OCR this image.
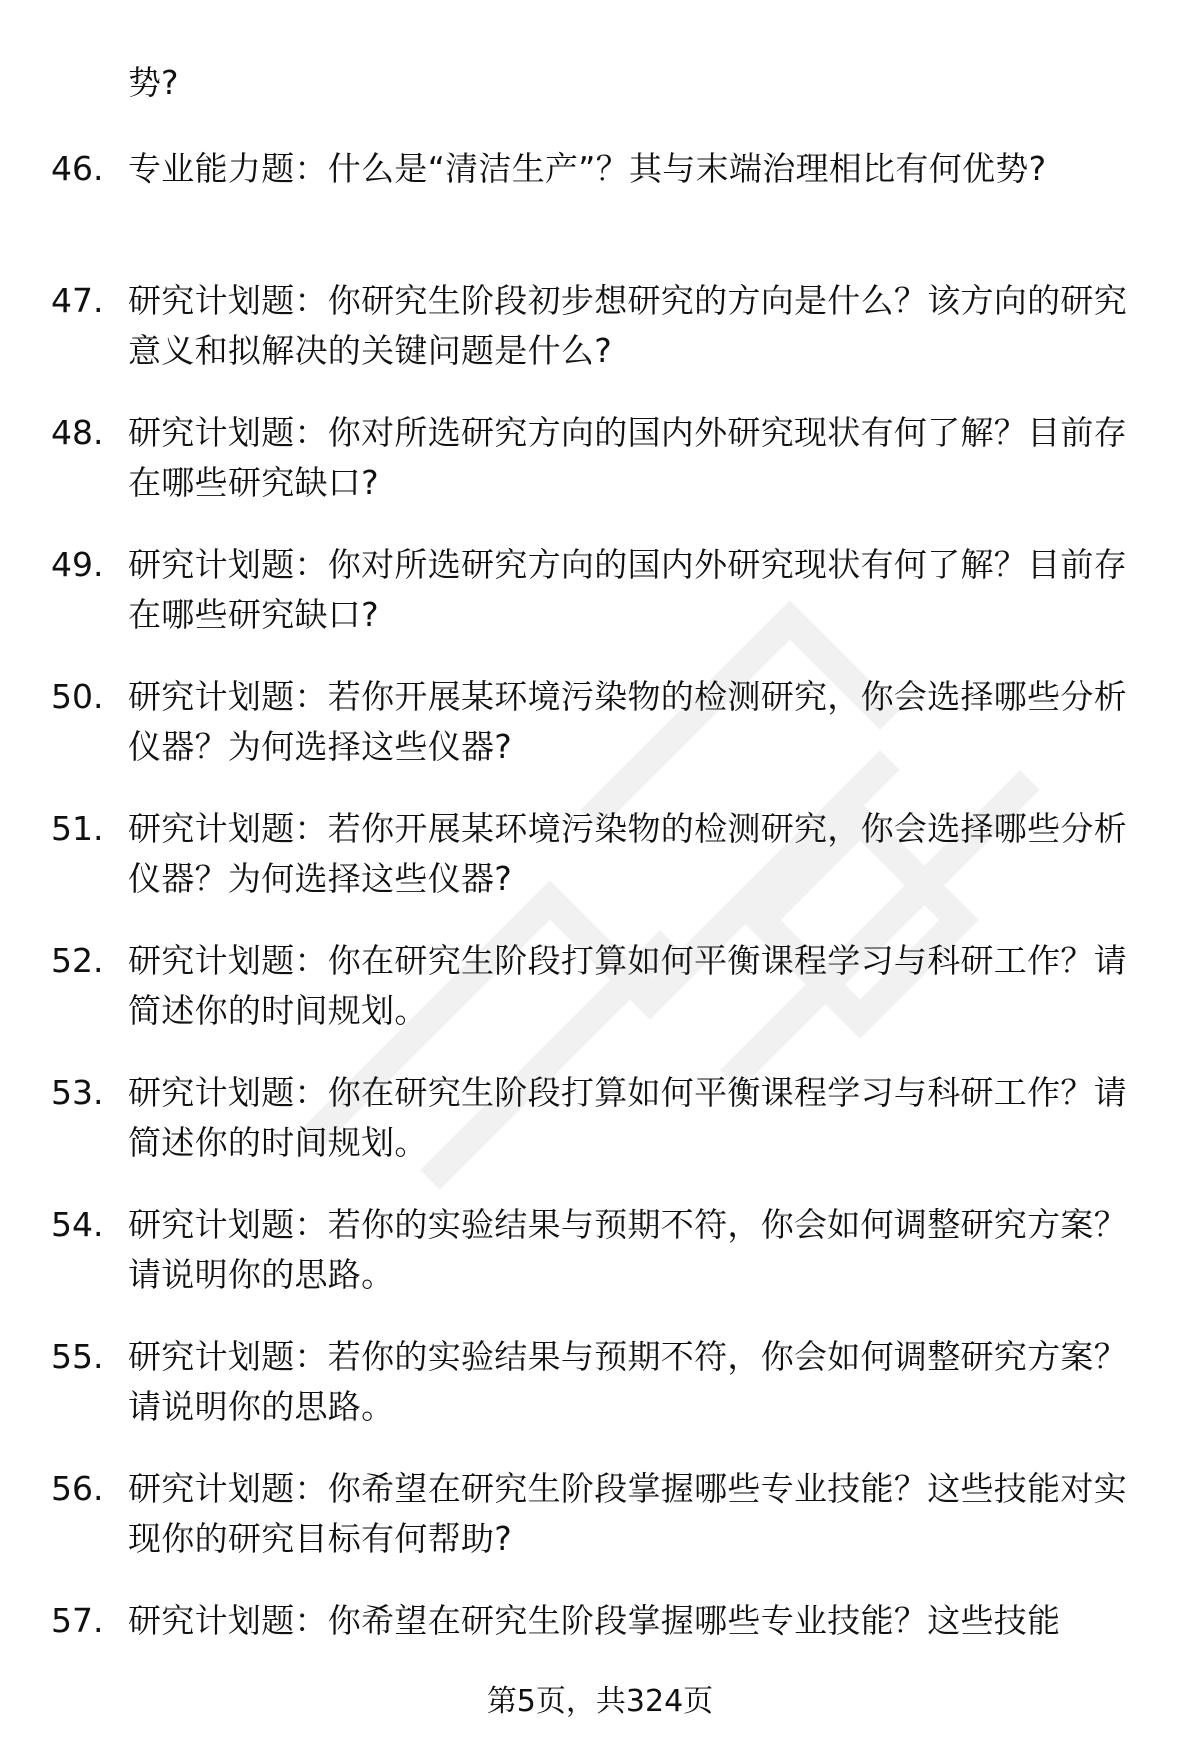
势?
46. 专业能力题：什么是“清洁生产”？其与末端治理相比有何优势?
47. 研究计划题：你研究生阶段初步想研究的方向是什么？该方向的研究意义和拟解决的关键问题是什么?
48. 研究计划题：你对所选研究方向的国内外研究现状有何了解？目前存在哪些研究缺口?
49. 研究计划题：你对所选研究方向的国内外研究现状有何了解？目前存在哪些研究缺口?
50. 研究计划题：若你开展某环境污染物的检测研究，你会选择哪些分析仪器？为何选择这些仪器?
51. 研究计划题：若你开展某环境污染物的检测研究，你会选择哪些分析仪器？为何选择这些仪器?
52. 研究计划题：你在研究生阶段打算如何平衡课程学习与科研工作？请简述你的时间规划。
53. 研究计划题：你在研究生阶段打算如何平衡课程学习与科研工作？请简述你的时间规划。
54. 研究计划题：若你的实验结果与预期不符，你会如何调整研究方案？请说明你的思路。
55. 研究计划题：若你的实验结果与预期不符，你会如何调整研究方案？请说明你的思路。
56. 研究计划题：你希望在研究生阶段掌握哪些专业技能？这些技能对实现你的研究目标有何帮助?
57. 研究计划题：你希望在研究生阶段掌握哪些专业技能？这些技能
第5页，共324页
